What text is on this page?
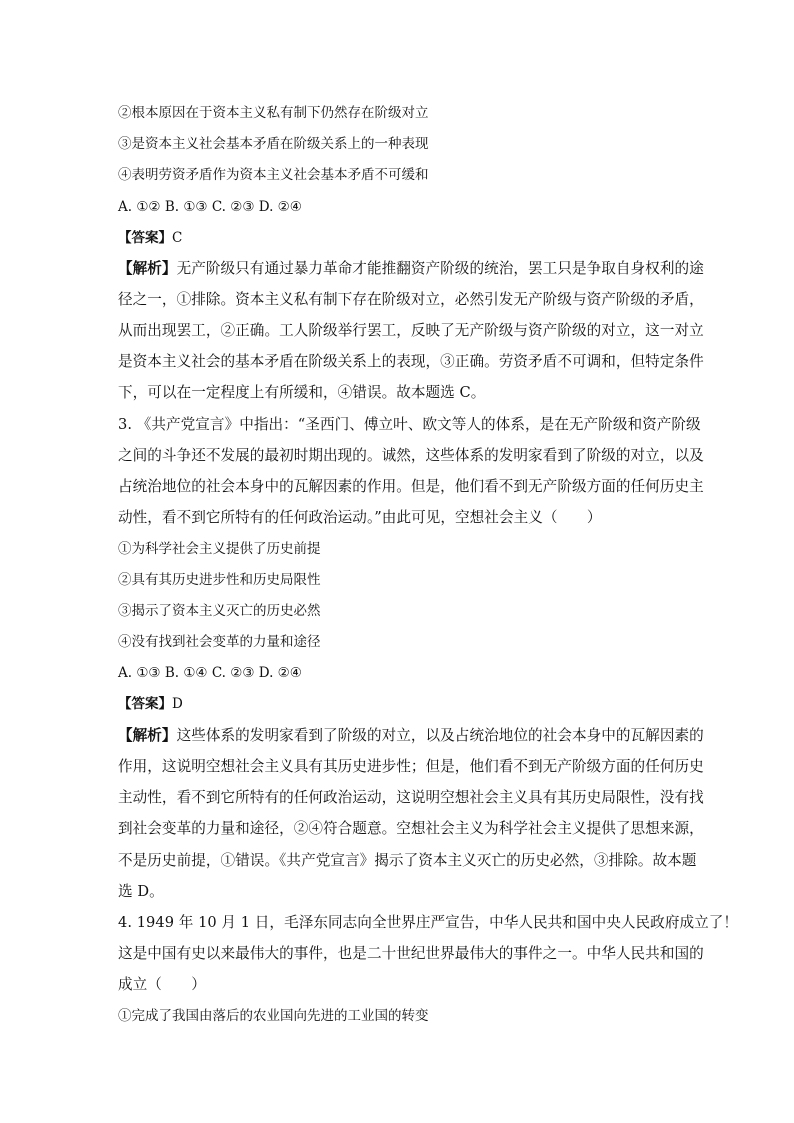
②根本原因在于资本主义私有制下仍然存在阶级对立
③是资本主义社会基本矛盾在阶级关系上的一种表现
④表明劳资矛盾作为资本主义社会基本矛盾不可缓和
A. ①② B. ①③ C. ②③ D. ②④
【答案】C
【解析】无产阶级只有通过暴力革命才能推翻资产阶级的统治，罢工只是争取自身权利的途
径之一，①排除。资本主义私有制下存在阶级对立，必然引发无产阶级与资产阶级的矛盾，
从而出现罢工，②正确。工人阶级举行罢工，反映了无产阶级与资产阶级的对立，这一对立
是资本主义社会的基本矛盾在阶级关系上的表现，③正确。劳资矛盾不可调和，但特定条件
下，可以在一定程度上有所缓和，④错误。故本题选 C。
3. 《共产党宣言》中指出：“圣西门、傅立叶、欧文等人的体系，是在无产阶级和资产阶级
之间的斗争还不发展的最初时期出现的。诚然，这些体系的发明家看到了阶级的对立，以及
占统治地位的社会本身中的瓦解因素的作用。但是，他们看不到无产阶级方面的任何历史主
动性，看不到它所特有的任何政治运动。”由此可见，空想社会主义（　　）
①为科学社会主义提供了历史前提
②具有其历史进步性和历史局限性
③揭示了资本主义灭亡的历史必然
④没有找到社会变革的力量和途径
A. ①③ B. ①④ C. ②③ D. ②④
【答案】D
【解析】这些体系的发明家看到了阶级的对立，以及占统治地位的社会本身中的瓦解因素的
作用，这说明空想社会主义具有其历史进步性；但是，他们看不到无产阶级方面的任何历史
主动性，看不到它所特有的任何政治运动，这说明空想社会主义具有其历史局限性，没有找
到社会变革的力量和途径，②④符合题意。空想社会主义为科学社会主义提供了思想来源，
不是历史前提，①错误。《共产党宣言》揭示了资本主义灭亡的历史必然，③排除。故本题
选 D。
4. 1949 年 10 月 1 日，毛泽东同志向全世界庄严宣告，中华人民共和国中央人民政府成立了！
这是中国有史以来最伟大的事件，也是二十世纪世界最伟大的事件之一。中华人民共和国的
成立（　　）
①完成了我国由落后的农业国向先进的工业国的转变
